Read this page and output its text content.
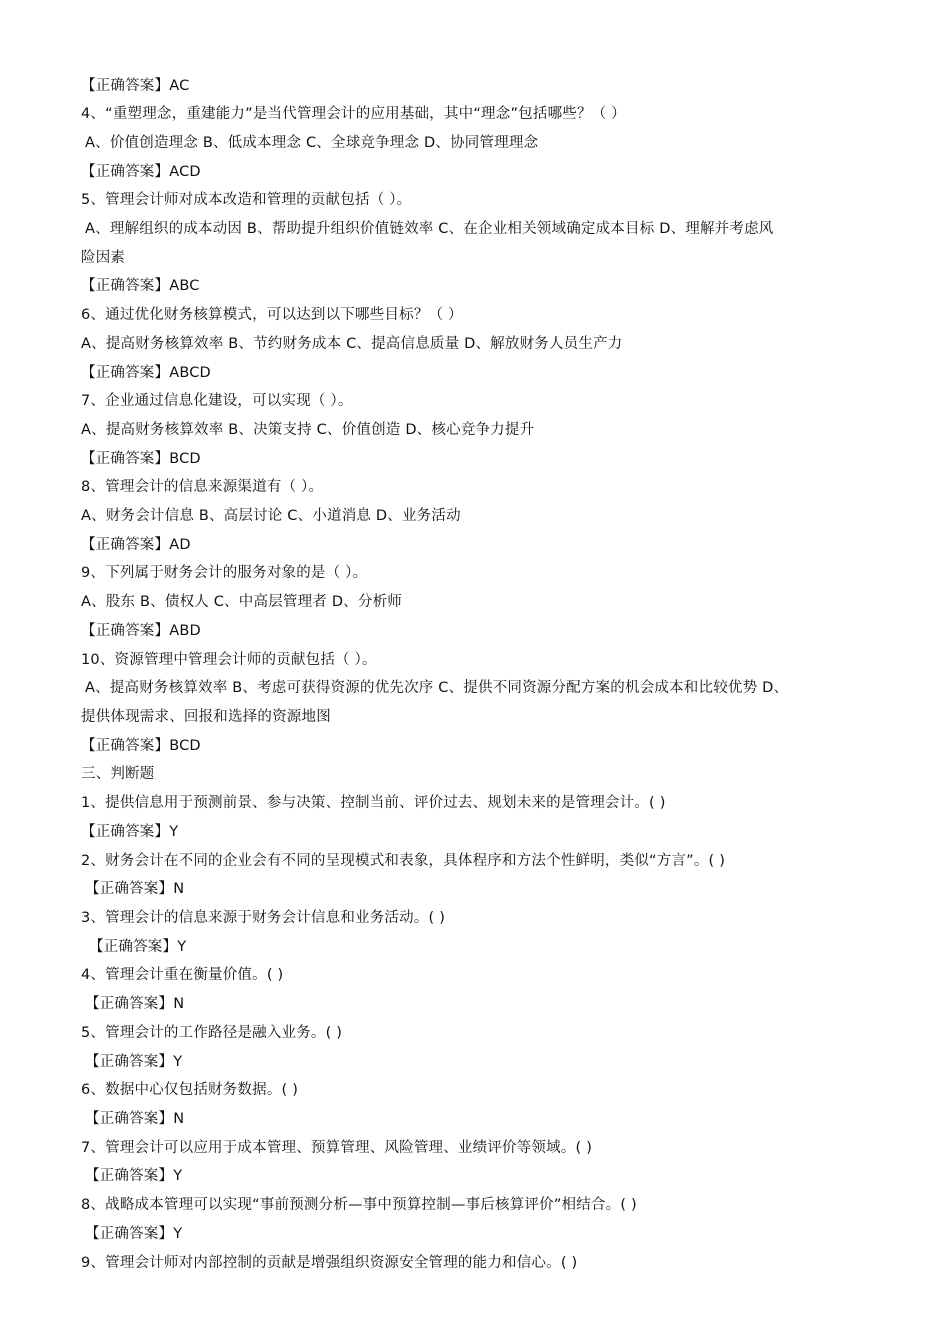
【正确答案】AC
4、“重塑理念，重建能力”是当代管理会计的应用基础，其中“理念”包括哪些？（ ）
A、价值创造理念 B、低成本理念 C、全球竞争理念 D、协同管理理念
【正确答案】ACD
5、管理会计师对成本改造和管理的贡献包括（ ）。
A、理解组织的成本动因 B、帮助提升组织价值链效率 C、在企业相关领域确定成本目标 D、理解并考虑风
险因素
【正确答案】ABC
6、通过优化财务核算模式，可以达到以下哪些目标？（ ）
A、提高财务核算效率 B、节约财务成本 C、提高信息质量 D、解放财务人员生产力
【正确答案】ABCD
7、企业通过信息化建设，可以实现（ ）。
A、提高财务核算效率 B、决策支持 C、价值创造 D、核心竞争力提升
【正确答案】BCD
8、管理会计的信息来源渠道有（ ）。
A、财务会计信息 B、高层讨论 C、小道消息 D、业务活动
【正确答案】AD
9、下列属于财务会计的服务对象的是（ ）。
A、股东 B、债权人 C、中高层管理者 D、分析师
【正确答案】ABD
10、资源管理中管理会计师的贡献包括（ ）。
A、提高财务核算效率 B、考虑可获得资源的优先次序 C、提供不同资源分配方案的机会成本和比较优势 D、
提供体现需求、回报和选择的资源地图
【正确答案】BCD
三、判断题
1、提供信息用于预测前景、参与决策、控制当前、评价过去、规划未来的是管理会计。( )
【正确答案】Y
2、财务会计在不同的企业会有不同的呈现模式和表象，具体程序和方法个性鲜明，类似“方言”。( )
【正确答案】N
3、管理会计的信息来源于财务会计信息和业务活动。( )
【正确答案】Y
4、管理会计重在衡量价值。( )
【正确答案】N
5、管理会计的工作路径是融入业务。( )
【正确答案】Y
6、数据中心仅包括财务数据。( )
【正确答案】N
7、管理会计可以应用于成本管理、预算管理、风险管理、业绩评价等领域。( )
【正确答案】Y
8、战略成本管理可以实现“事前预测分析—事中预算控制—事后核算评价”相结合。( )
【正确答案】Y
9、管理会计师对内部控制的贡献是增强组织资源安全管理的能力和信心。( )
